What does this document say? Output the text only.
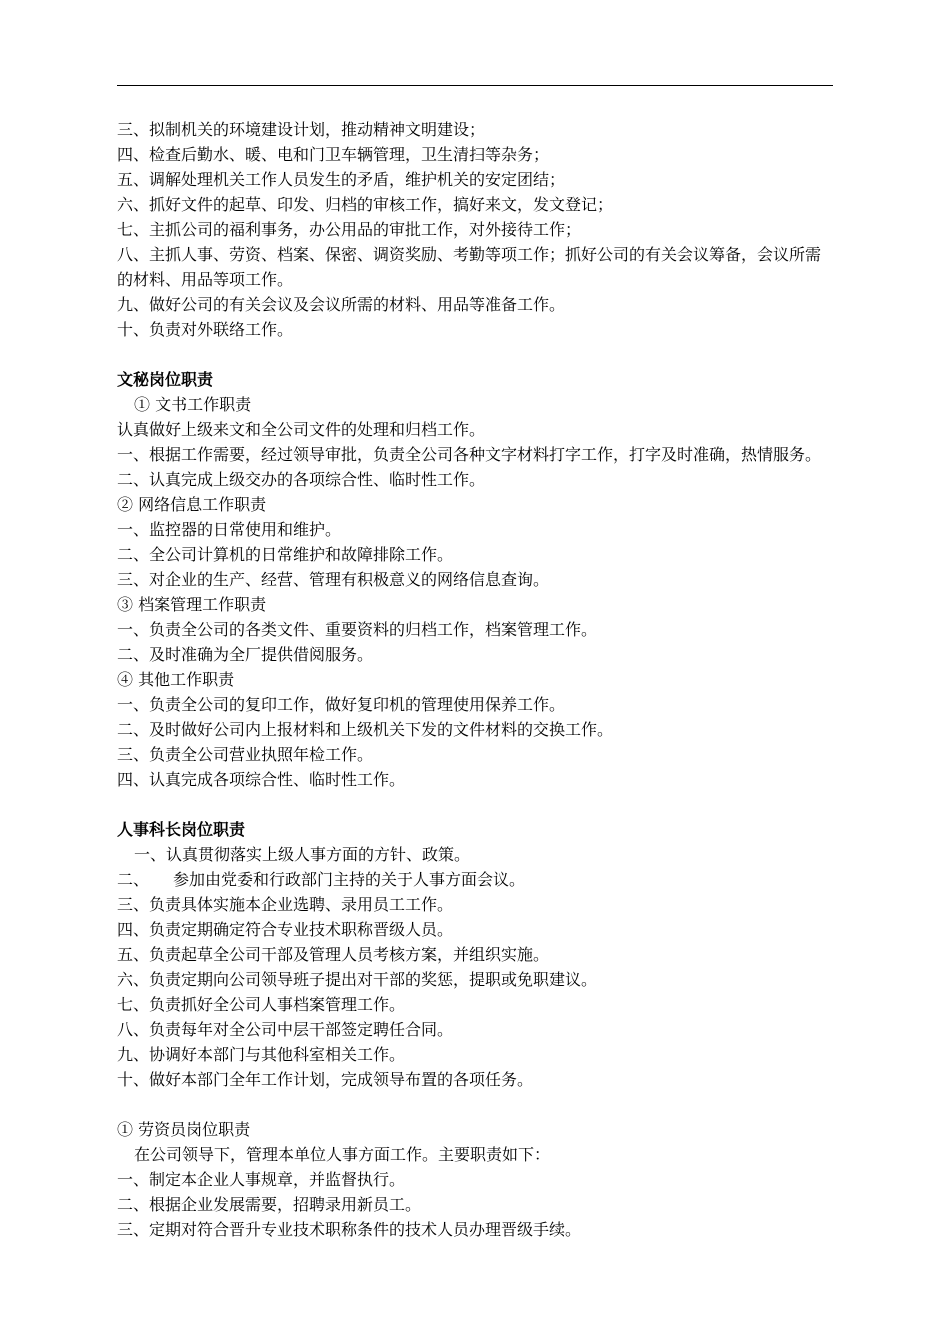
三、拟制机关的环境建设计划，推动精神文明建设；
四、检查后勤水、暖、电和门卫车辆管理，卫生清扫等杂务；
五、调解处理机关工作人员发生的矛盾，维护机关的安定团结；
六、抓好文件的起草、印发、归档的审核工作，搞好来文，发文登记；
七、主抓公司的福利事务，办公用品的审批工作，对外接待工作；
八、主抓人事、劳资、档案、保密、调资奖励、考勤等项工作；抓好公司的有关会议筹备，会议所需的材料、用品等项工作。
九、做好公司的有关会议及会议所需的材料、用品等准备工作。
十、负责对外联络工作。
文秘岗位职责
① 文书工作职责
认真做好上级来文和全公司文件的处理和归档工作。
一、根据工作需要，经过领导审批，负责全公司各种文字材料打字工作，打字及时准确，热情服务。
二、认真完成上级交办的各项综合性、临时性工作。
② 网络信息工作职责
一、监控器的日常使用和维护。
二、全公司计算机的日常维护和故障排除工作。
三、对企业的生产、经营、管理有积极意义的网络信息查询。
③ 档案管理工作职责
一、负责全公司的各类文件、重要资料的归档工作，档案管理工作。
二、及时准确为全厂提供借阅服务。
④ 其他工作职责
一、负责全公司的复印工作，做好复印机的管理使用保养工作。
二、及时做好公司内上报材料和上级机关下发的文件材料的交换工作。
三、负责全公司营业执照年检工作。
四、认真完成各项综合性、临时性工作。
人事科长岗位职责
一、认真贯彻落实上级人事方面的方针、政策。
二、 参加由党委和行政部门主持的关于人事方面会议。
三、负责具体实施本企业选聘、录用员工工作。
四、负责定期确定符合专业技术职称晋级人员。
五、负责起草全公司干部及管理人员考核方案，并组织实施。
六、负责定期向公司领导班子提出对干部的奖惩，提职或免职建议。
七、负责抓好全公司人事档案管理工作。
八、负责每年对全公司中层干部签定聘任合同。
九、协调好本部门与其他科室相关工作。
十、做好本部门全年工作计划，完成领导布置的各项任务。
① 劳资员岗位职责
在公司领导下，管理本单位人事方面工作。主要职责如下：
一、制定本企业人事规章，并监督执行。
二、根据企业发展需要，招聘录用新员工。
三、定期对符合晋升专业技术职称条件的技术人员办理晋级手续。
